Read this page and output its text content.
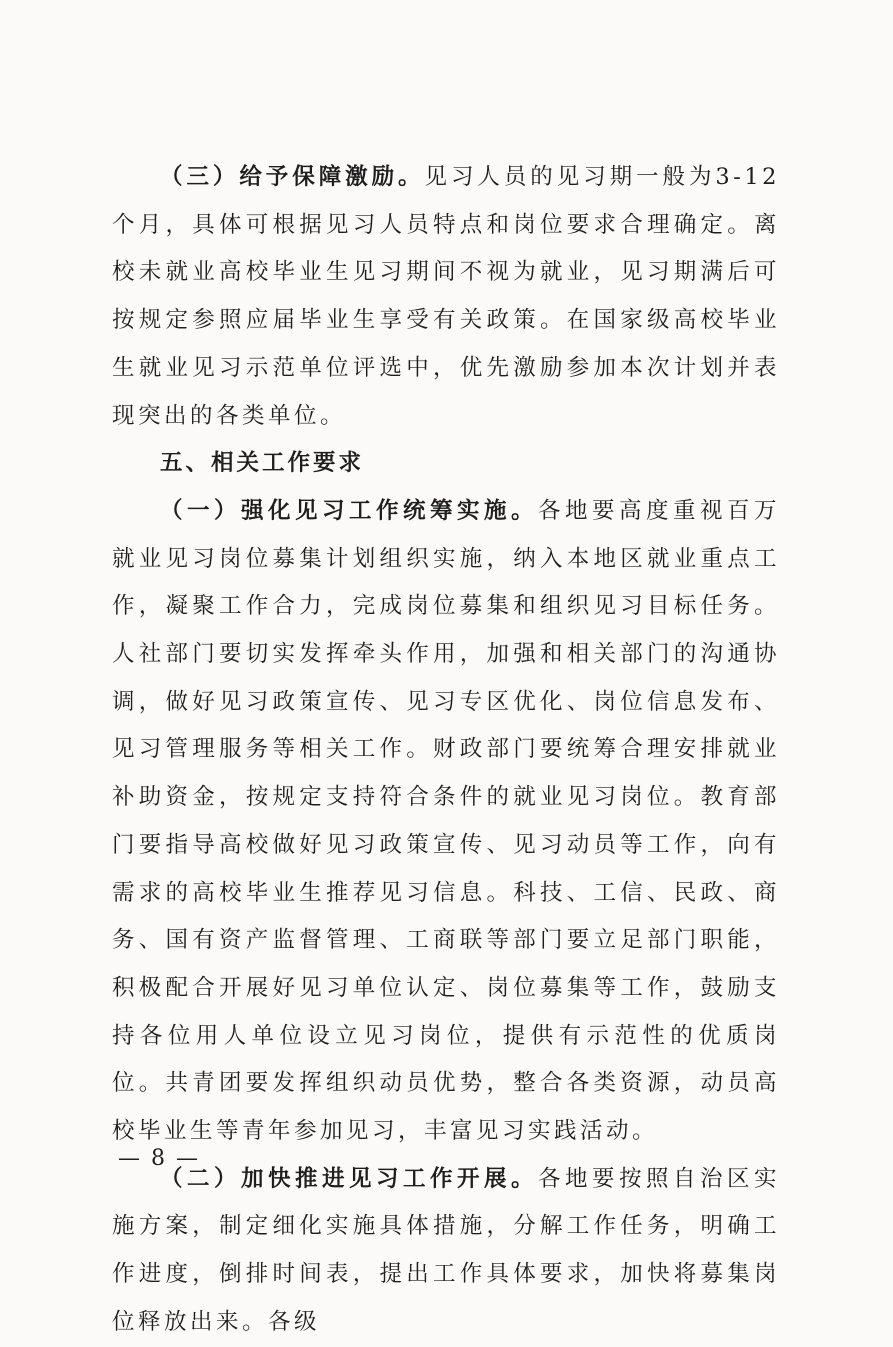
（三）给予保障激励。见习人员的见习期一般为3-12个月，具体可根据见习人员特点和岗位要求合理确定。离校未就业高校毕业生见习期间不视为就业，见习期满后可按规定参照应届毕业生享受有关政策。在国家级高校毕业生就业见习示范单位评选中，优先激励参加本次计划并表现突出的各类单位。

五、相关工作要求

（一）强化见习工作统筹实施。各地要高度重视百万就业见习岗位募集计划组织实施，纳入本地区就业重点工作，凝聚工作合力，完成岗位募集和组织见习目标任务。人社部门要切实发挥牵头作用，加强和相关部门的沟通协调，做好见习政策宣传、见习专区优化、岗位信息发布、见习管理服务等相关工作。财政部门要统筹合理安排就业补助资金，按规定支持符合条件的就业见习岗位。教育部门要指导高校做好见习政策宣传、见习动员等工作，向有需求的高校毕业生推荐见习信息。科技、工信、民政、商务、国有资产监督管理、工商联等部门要立足部门职能，积极配合开展好见习单位认定、岗位募集等工作，鼓励支持各位用人单位设立见习岗位，提供有示范性的优质岗位。共青团要发挥组织动员优势，整合各类资源，动员高校毕业生等青年参加见习，丰富见习实践活动。

（二）加快推进见习工作开展。各地要按照自治区实施方案，制定细化实施具体措施，分解工作任务，明确工作进度，倒排时间表，提出工作具体要求，加快将募集岗位释放出来。各级

— 8 —
